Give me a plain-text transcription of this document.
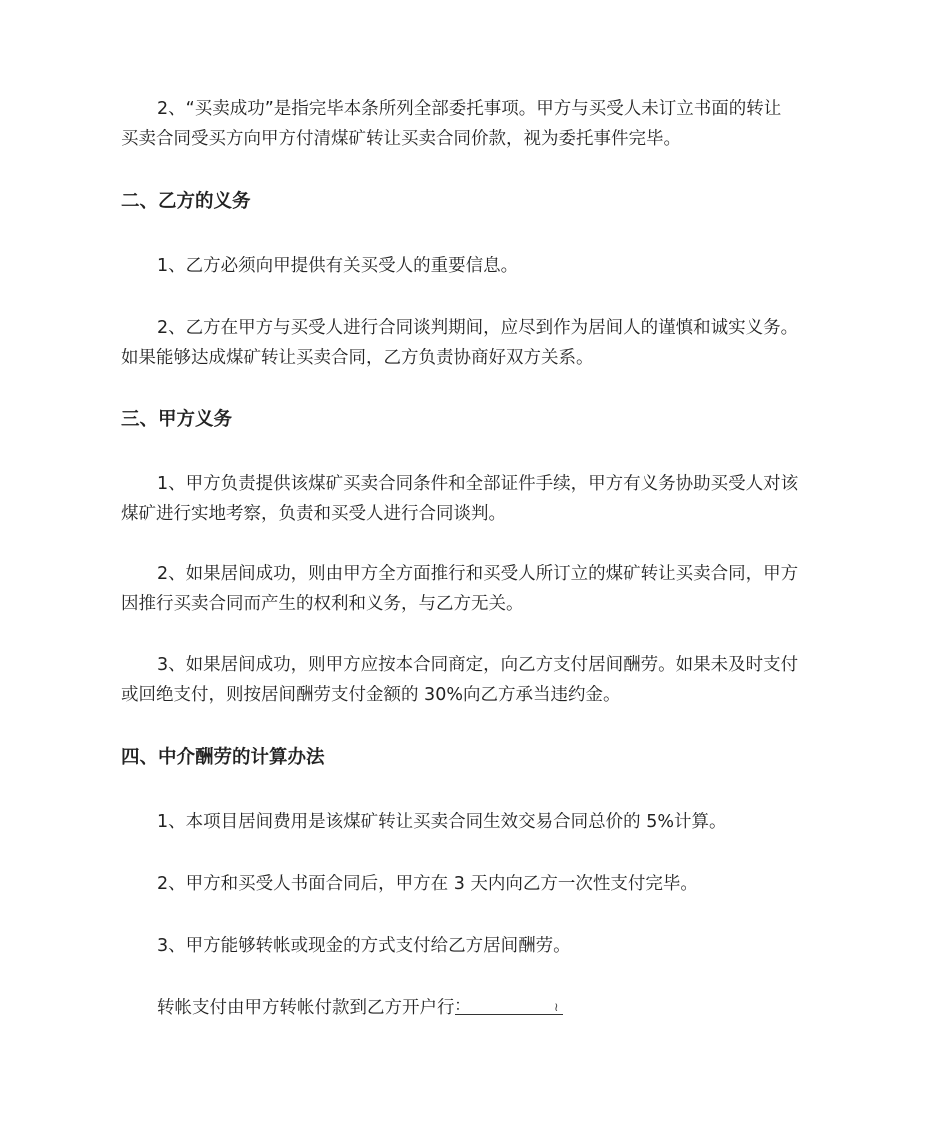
2、“买卖成功”是指完毕本条所列全部委托事项。甲方与买受人未订立书面的转让
买卖合同受买方向甲方付清煤矿转让买卖合同价款，视为委托事件完毕。

二、乙方的义务

1、乙方必须向甲提供有关买受人的重要信息。

2、乙方在甲方与买受人进行合同谈判期间，应尽到作为居间人的谨慎和诚实义务。
如果能够达成煤矿转让买卖合同，乙方负责协商好双方关系。

三、甲方义务

1、甲方负责提供该煤矿买卖合同条件和全部证件手续，甲方有义务协助买受人对该
煤矿进行实地考察，负责和买受人进行合同谈判。

2、如果居间成功，则由甲方全方面推行和买受人所订立的煤矿转让买卖合同，甲方
因推行买卖合同而产生的权利和义务，与乙方无关。

3、如果居间成功，则甲方应按本合同商定，向乙方支付居间酬劳。如果未及时支付
或回绝支付，则按居间酬劳支付金额的 30%向乙方承当违约金。

四、中介酬劳的计算办法

1、本项目居间费用是该煤矿转让买卖合同生效交易合同总价的 5%计算。

2、甲方和买受人书面合同后，甲方在 3 天内向乙方一次性支付完毕。

3、甲方能够转帐或现金的方式支付给乙方居间酬劳。

转帐支付由甲方转帐付款到乙方开户行 ：	≀
